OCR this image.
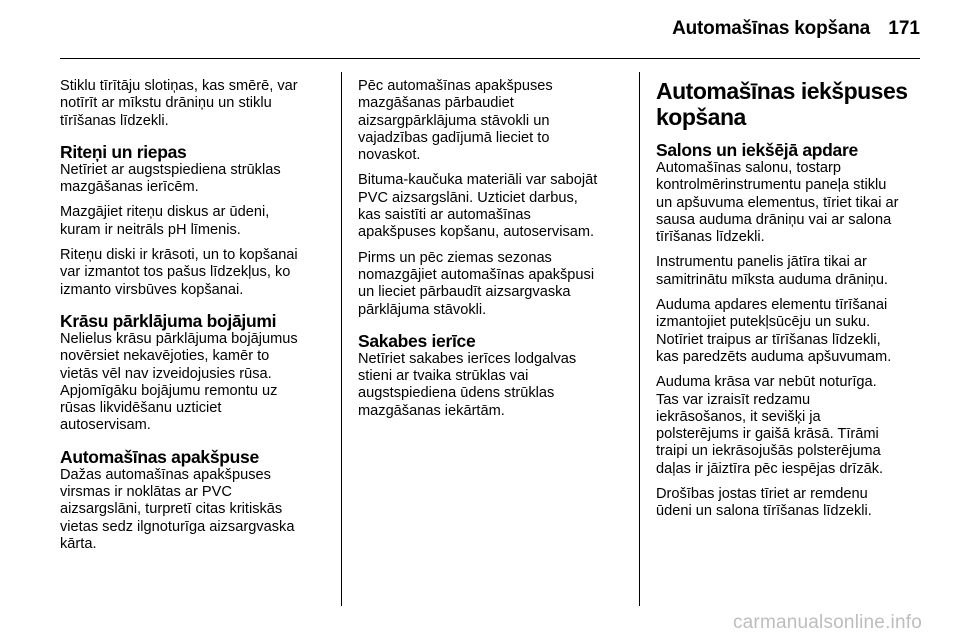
Automašīnas kopšana 171

Stiklu tīrītāju slotiņas, kas smērē, var
notīrīt ar mīkstu drāniņu un stiklu
tīrīšanas līdzekli.

Riteņi un riepas

Netīriet ar augstspiediena strūklas
mazgāšanas ierīcēm.

Mazgājiet riteņu diskus ar ūdeni,
kuram ir neitrāls pH līmenis.

Riteņu diski ir krāsoti, un to kopšanai
var izmantot tos pašus līdzekļus, ko
izmanto virsbūves kopšanai.

Krāsu pārklājuma bojājumi

Nelielus krāsu pārklājuma bojājumus
novērsiet nekavējoties, kamēr to
vietās vēl nav izveidojusies rūsa.
Apjomīgāku bojājumu remontu uz
rūsas likvidēšanu uzticiet
autoservisam.

Automašīnas apakšpuse

Dažas automašīnas apakšpuses
virsmas ir noklātas ar PVC
aizsargslāni, turpretī citas kritiskās
vietas sedz ilgnoturīga aizsargvaska
kārta.

Pēc automašīnas apakšpuses
mazgāšanas pārbaudiet
aizsargpārklājuma stāvokli un
vajadzības gadījumā lieciet to
novaskot.

Bituma-kaučuka materiāli var sabojāt
PVC aizsargslāni. Uzticiet darbus,
kas saistīti ar automašīnas
apakšpuses kopšanu, autoservisam.

Pirms un pēc ziemas sezonas
nomazgājiet automašīnas apakšpusi
un lieciet pārbaudīt aizsargvaska
pārklājuma stāvokli.

Sakabes ierīce

Netīriet sakabes ierīces lodgalvas
stieni ar tvaika strūklas vai
augstspiediena ūdens strūklas
mazgāšanas iekārtām.

Automašīnas iekšpuses
kopšana
Salons un iekšējā apdare

Automašīnas salonu, tostarp
kontrolmērinstrumentu paneļa stiklu
un apšuvuma elementus, tīriet tikai ar
sausa auduma drāniņu vai ar salona
tīrīšanas līdzekli.

Instrumentu panelis jātīra tikai ar
samitrinātu mīksta auduma drāniņu.

Auduma apdares elementu tīrīšanai
izmantojiet putekļsūcēju un suku.
Notīriet traipus ar tīrīšanas līdzekli,
kas paredzēts auduma apšuvumam.

Auduma krāsa var nebūt noturīga.
Tas var izraisīt redzamu
iekrāsošanos, it sevišķi ja
polsterējums ir gaišā krāsā. Tīrāmi
traipi un iekrāsojušās polsterējuma
daļas ir jāiztīra pēc iespējas drīzāk.

Drošības jostas tīriet ar remdenu
ūdeni un salona tīrīšanas līdzekli.

carmanualsonline.info
